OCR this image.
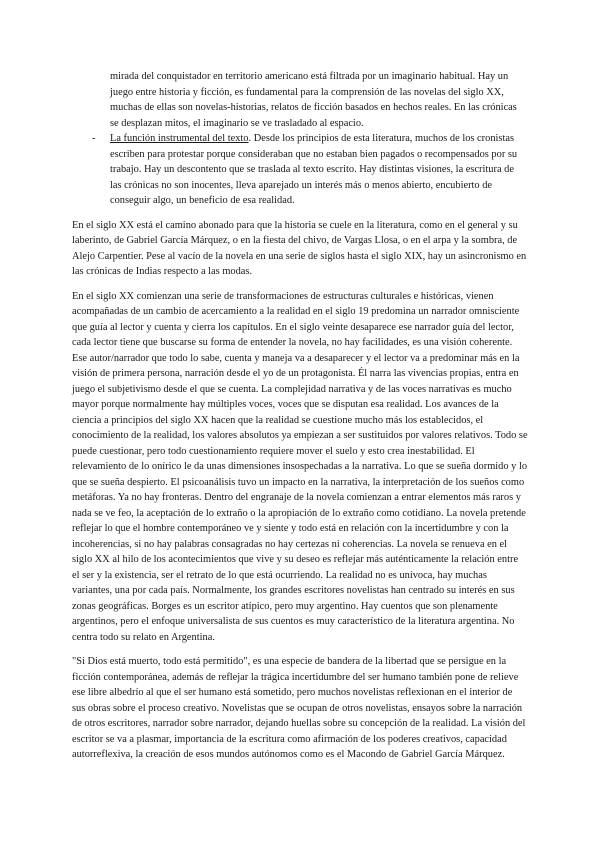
mirada del conquistador en territorio americano está filtrada por un imaginario habitual. Hay un juego entre historia y ficción, es fundamental para la comprensión de las novelas del siglo XX, muchas de ellas son novelas-historias, relatos de ficción basados en hechos reales. En las crónicas se desplazan mitos, el imaginario se ve trasladado al espacio.

- La función instrumental del texto. Desde los principios de esta literatura, muchos de los cronistas escriben para protestar porque consideraban que no estaban bien pagados o recompensados por su trabajo. Hay un descontento que se traslada al texto escrito. Hay distintas visiones, la escritura de las crónicas no son inocentes, lleva aparejado un interés más o menos abierto, encubierto de conseguir algo, un beneficio de esa realidad.

En el siglo XX está el camino abonado para que la historia se cuele en la literatura, como en el general y su laberinto, de Gabriel García Márquez, o en la fiesta del chivo, de Vargas Llosa, o en el arpa y la sombra, de Alejo Carpentier. Pese al vacío de la novela en una serie de siglos hasta el siglo XIX, hay un asincronismo en las crónicas de Indias respecto a las modas.

En el siglo XX comienzan una serie de transformaciones de estructuras culturales e históricas, vienen acompañadas de un cambio de acercamiento a la realidad en el siglo 19 predomina un narrador omnisciente que guía al lector y cuenta y cierra los capítulos. En el siglo veinte desaparece ese narrador guía del lector, cada lector tiene que buscarse su forma de entender la novela, no hay facilidades, es una visión coherente. Ese autor/narrador que todo lo sabe, cuenta y maneja va a desaparecer y el lector va a predominar más en la visión de primera persona, narración desde el yo de un protagonista. Él narra las vivencias propias, entra en juego el subjetivismo desde el que se cuenta. La complejidad narrativa y de las voces narrativas es mucho mayor porque normalmente hay múltiples voces, voces que se disputan esa realidad. Los avances de la ciencia a principios del siglo XX hacen que la realidad se cuestione mucho más los establecidos, el conocimiento de la realidad, los valores absolutos ya empiezan a ser sustituidos por valores relativos. Todo se puede cuestionar, pero todo cuestionamiento requiere mover el suelo y esto crea inestabilidad. El relevamiento de lo onírico le da unas dimensiones insospechadas a la narrativa. Lo que se sueña dormido y lo que se sueña despierto. El psicoanálisis tuvo un impacto en la narrativa, la interpretación de los sueños como metáforas. Ya no hay fronteras. Dentro del engranaje de la novela comienzan a entrar elementos más raros y nada se ve feo, la aceptación de lo extraño o la apropiación de lo extraño como cotidiano. La novela pretende reflejar lo que el hombre contemporáneo ve y siente y todo está en relación con la incertidumbre y con la incoherencias, si no hay palabras consagradas no hay certezas ni coherencias. La novela se renueva en el siglo XX al hilo de los acontecimientos que vive y su deseo es reflejar más auténticamente la relación entre el ser y la existencia, ser el retrato de lo que está ocurriendo. La realidad no es unívoca, hay muchas variantes, una por cada país. Normalmente, los grandes escritores novelistas han centrado su interés en sus zonas geográficas. Borges es un escritor atípico, pero muy argentino. Hay cuentos que son plenamente argentinos, pero el enfoque universalista de sus cuentos es muy característico de la literatura argentina. No centra todo su relato en Argentina.

"Si Dios está muerto, todo está permitido", es una especie de bandera de la libertad que se persigue en la ficción contemporánea, además de reflejar la trágica incertidumbre del ser humano también pone de relieve ese libre albedrío al que el ser humano está sometido, pero muchos novelistas reflexionan en el interior de sus obras sobre el proceso creativo. Novelistas que se ocupan de otros novelistas, ensayos sobre la narración de otros escritores, narrador sobre narrador, dejando huellas sobre su concepción de la realidad. La visión del escritor se va a plasmar, importancia de la escritura como afirmación de los poderes creativos, capacidad autorreflexiva, la creación de esos mundos autónomos como es el Macondo de Gabriel García Márquez.
